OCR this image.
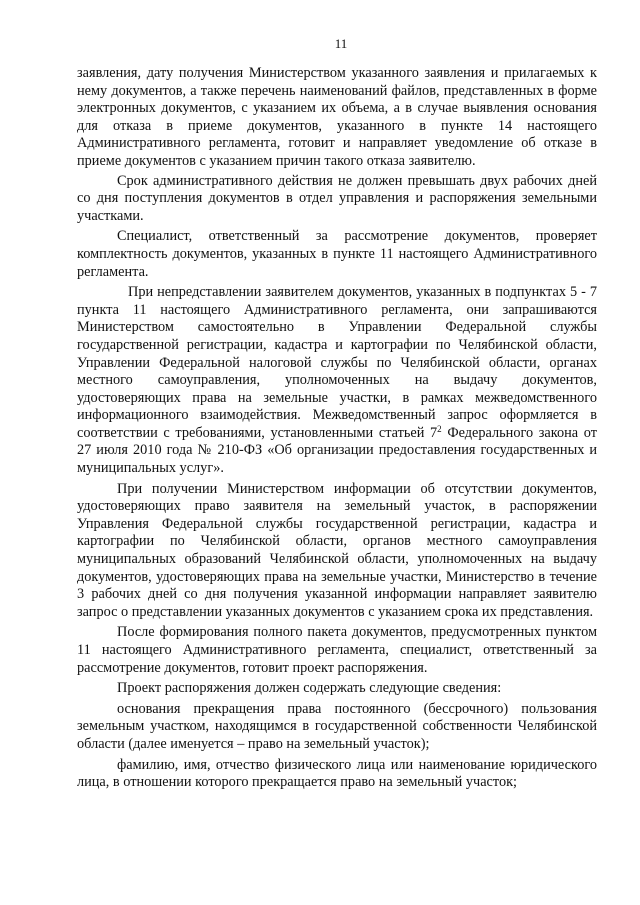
11

заявления, дату получения Министерством указанного заявления и прилагаемых к нему документов, а также перечень наименований файлов, представленных в форме электронных документов, с указанием их объема, а в случае выявления основания для отказа в приеме документов, указанного в пункте 14 настоящего Административного регламента, готовит и направляет уведомление об отказе в приеме документов с указанием причин такого отказа заявителю.

Срок административного действия не должен превышать двух рабочих дней со дня поступления документов в отдел управления и распоряжения земельными участками.

Специалист, ответственный за рассмотрение документов, проверяет комплектность документов, указанных в пункте 11 настоящего Административного регламента.

При непредставлении заявителем документов, указанных в подпунктах 5 - 7 пункта 11 настоящего Административного регламента, они запрашиваются Министерством самостоятельно в Управлении Федеральной службы государственной регистрации, кадастра и картографии по Челябинской области, Управлении Федеральной налоговой службы по Челябинской области, органах местного самоуправления, уполномоченных на выдачу документов, удостоверяющих права на земельные участки, в рамках межведомственного информационного взаимодействия. Межведомственный запрос оформляется в соответствии с требованиями, установленными статьей $7^2$ Федерального закона от 27 июля 2010 года № 210-ФЗ «Об организации предоставления государственных и муниципальных услуг».

При получении Министерством информации об отсутствии документов, удостоверяющих право заявителя на земельный участок, в распоряжении Управления Федеральной службы государственной регистрации, кадастра и картографии по Челябинской области, органов местного самоуправления муниципальных образований Челябинской области, уполномоченных на выдачу документов, удостоверяющих права на земельные участки, Министерство в течение 3 рабочих дней со дня получения указанной информации направляет заявителю запрос о представлении указанных документов с указанием срока их представления.

После формирования полного пакета документов, предусмотренных пунктом 11 настоящего Административного регламента, специалист, ответственный за рассмотрение документов, готовит проект распоряжения.

Проект распоряжения должен содержать следующие сведения:

основания прекращения права постоянного (бессрочного) пользования земельным участком, находящимся в государственной собственности Челябинской области (далее именуется – право на земельный участок);

фамилию, имя, отчество физического лица или наименование юридического лица, в отношении которого прекращается право на земельный участок;
